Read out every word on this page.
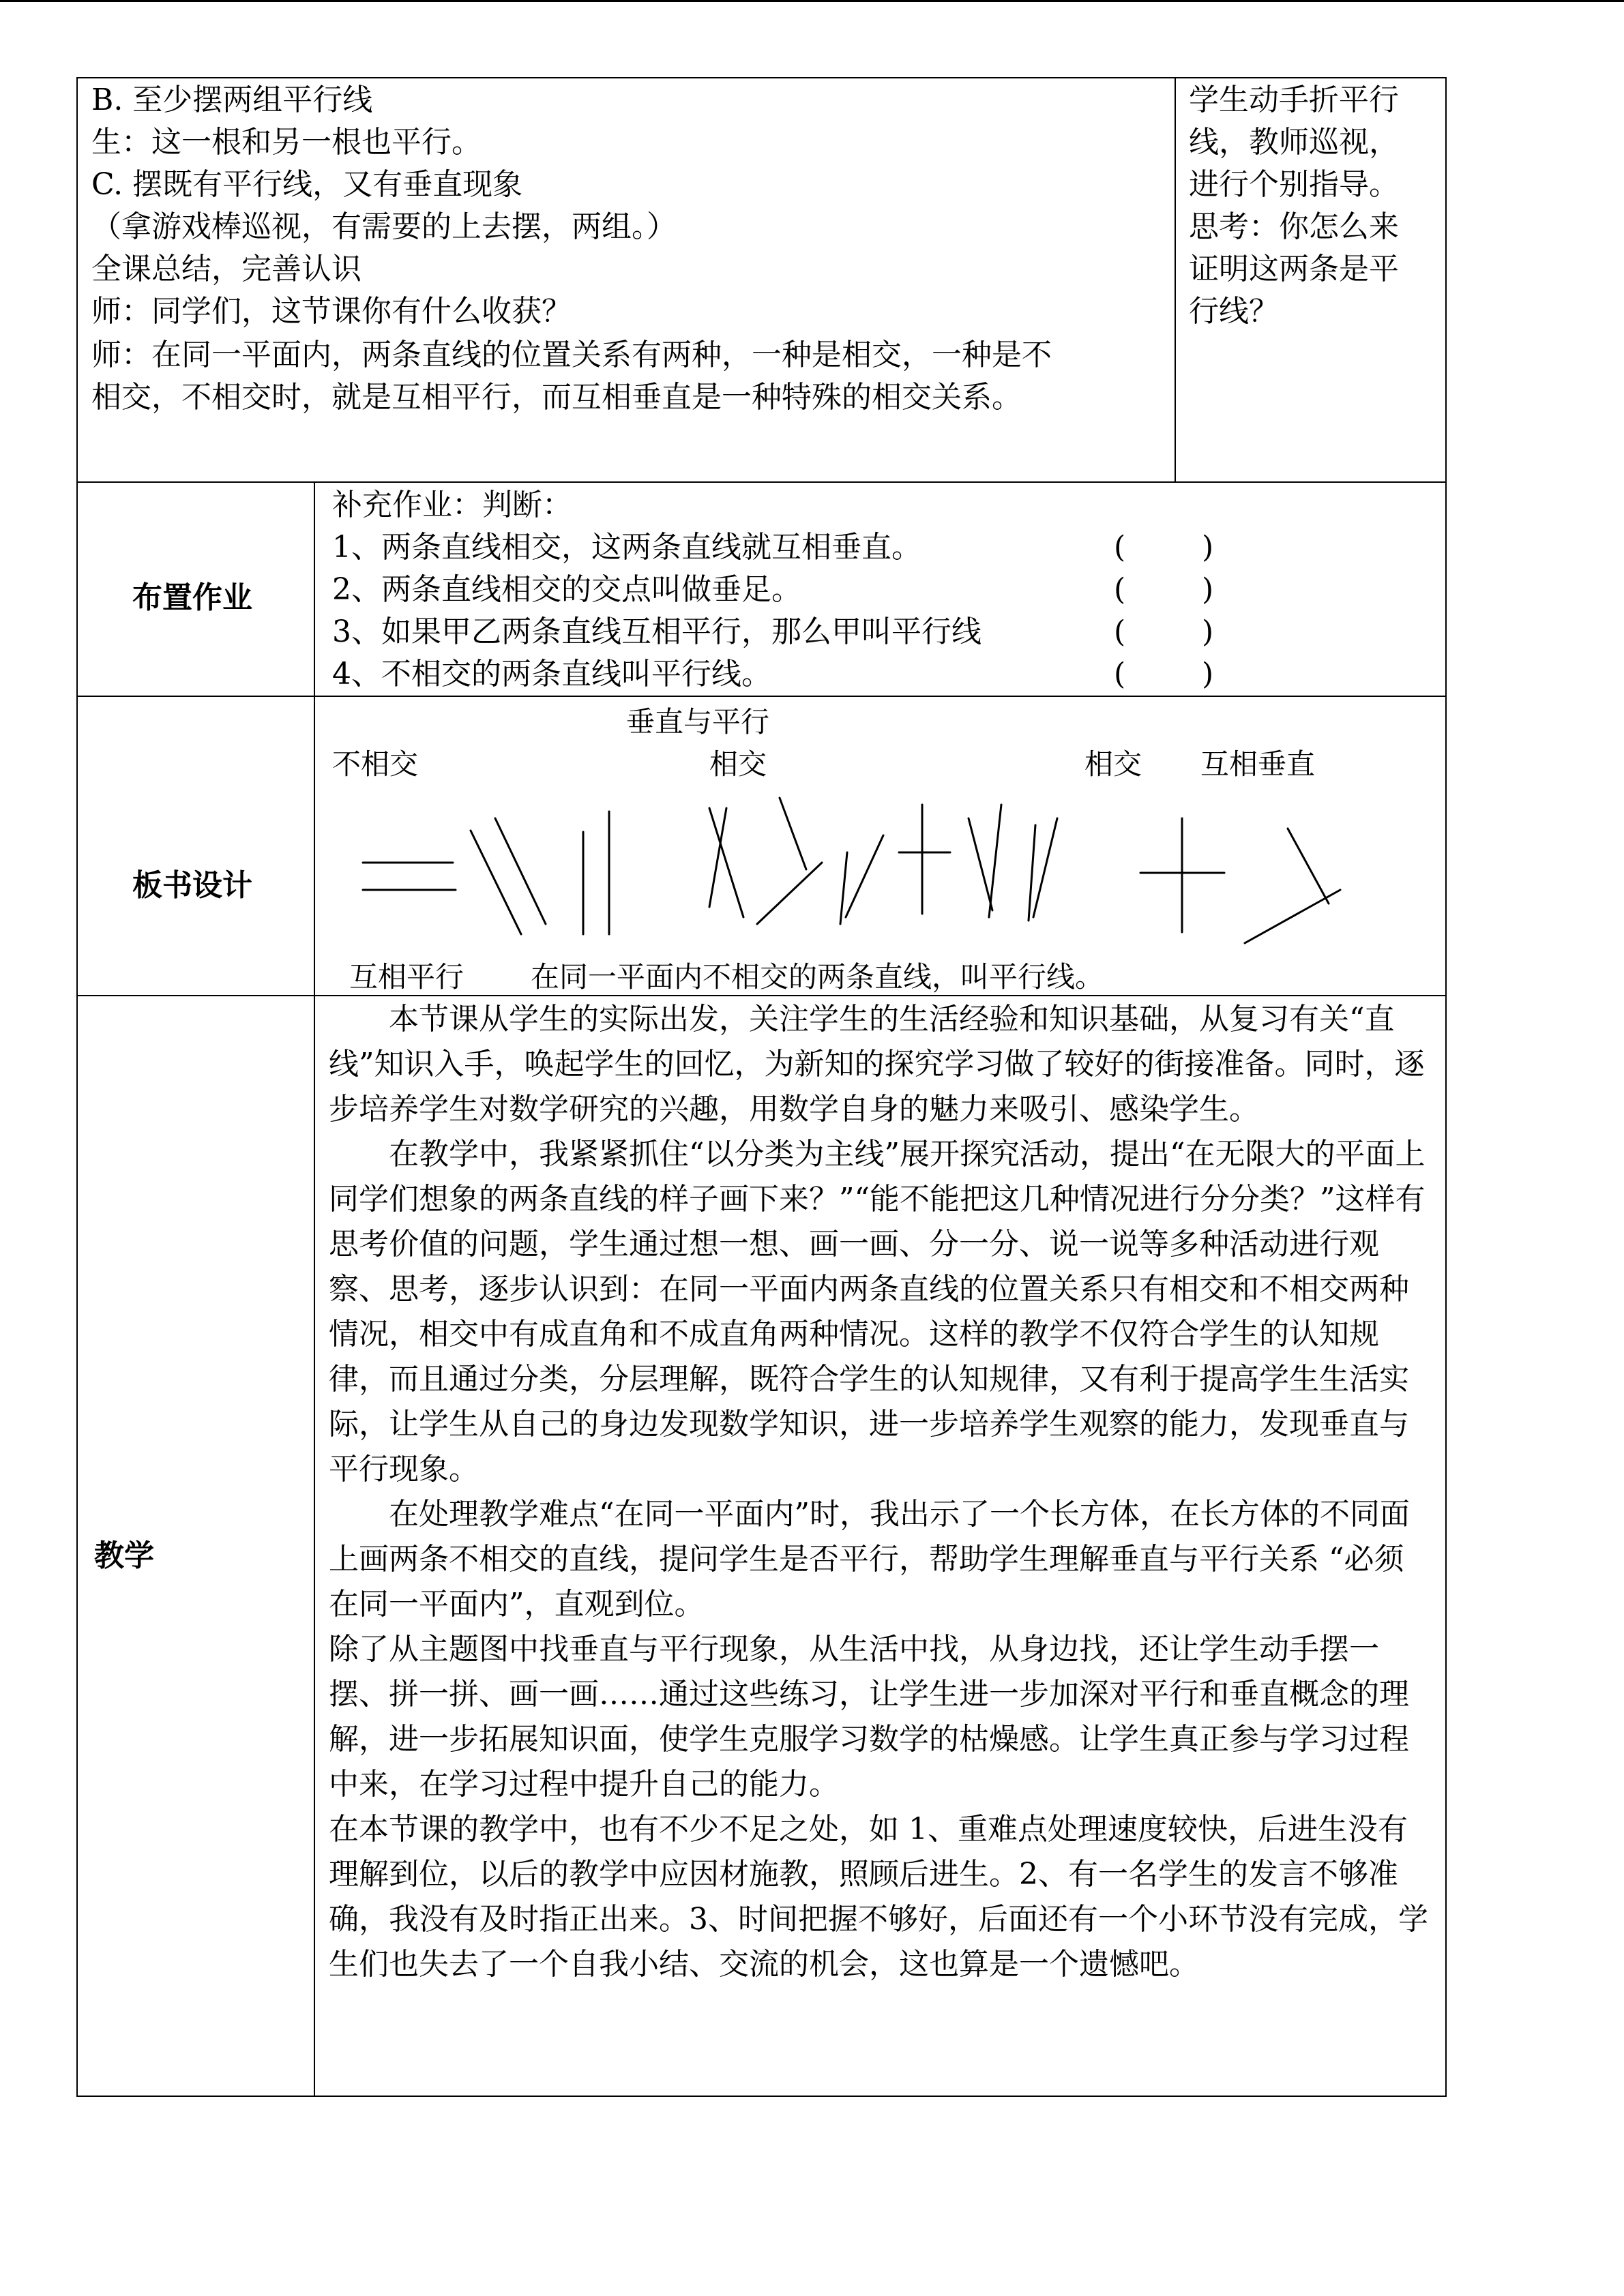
B. 至少摆两组平行线
生：这一根和另一根也平行。
C. 摆既有平行线，又有垂直现象
（拿游戏棒巡视，有需要的上去摆，两组。）
全课总结，完善认识
师：同学们，这节课你有什么收获？
师：在同一平面内，两条直线的位置关系有两种，一种是相交，一种是不
相交，不相交时，就是互相平行，而互相垂直是一种特殊的相交关系。
学生动手折平行
线，教师巡视，
进行个别指导。
思考：你怎么来
证明这两条是平
行线？
布置作业
补充作业：判断：
1、两条直线相交，这两条直线就互相垂直。	(        )
2、两条直线相交的交点叫做垂足。	(        )
3、如果甲乙两条直线互相平行，那么甲叫平行线	(        )
4、不相交的两条直线叫平行线。	(        )
板书设计
垂直与平行
不相交	相交	相交 互相垂直
互相平行 在同一平面内不相交的两条直线，叫平行线。
教学
　　本节课从学生的实际出发，关注学生的生活经验和知识基础，从复习有关“直线”知识入手，唤起学生的回忆，为新知的探究学习做了较好的街接准备。同时，逐步培养学生对数学研究的兴趣，用数学自身的魅力来吸引、感染学生。
　　在教学中，我紧紧抓住“以分类为主线”展开探究活动，提出“在无限大的平面上同学们想象的两条直线的样子画下来？”“能不能把这几种情况进行分分类？”这样有思考价值的问题，学生通过想一想、画一画、分一分、说一说等多种活动进行观察、思考，逐步认识到：在同一平面内两条直线的位置关系只有相交和不相交两种情况，相交中有成直角和不成直角两种情况。这样的教学不仅符合学生的认知规律，而且通过分类，分层理解，既符合学生的认知规律，又有利于提高学生生活实际，让学生从自己的身边发现数学知识，进一步培养学生观察的能力，发现垂直与平行现象。
　　在处理教学难点“在同一平面内”时，我出示了一个长方体，在长方体的不同面上画两条不相交的直线，提问学生是否平行，帮助学生理解垂直与平行关系 “必须在同一平面内”，直观到位。
除了从主题图中找垂直与平行现象，从生活中找，从身边找，还让学生动手摆一摆、拼一拼、画一画……通过这些练习，让学生进一步加深对平行和垂直概念的理解，进一步拓展知识面，使学生克服学习数学的枯燥感。让学生真正参与学习过程中来，在学习过程中提升自己的能力。
在本节课的教学中，也有不少不足之处，如 1、重难点处理速度较快，后进生没有理解到位，以后的教学中应因材施教，照顾后进生。2、有一名学生的发言不够准确，我没有及时指正出来。3、时间把握不够好，后面还有一个小环节没有完成，学生们也失去了一个自我小结、交流的机会，这也算是一个遗憾吧。
